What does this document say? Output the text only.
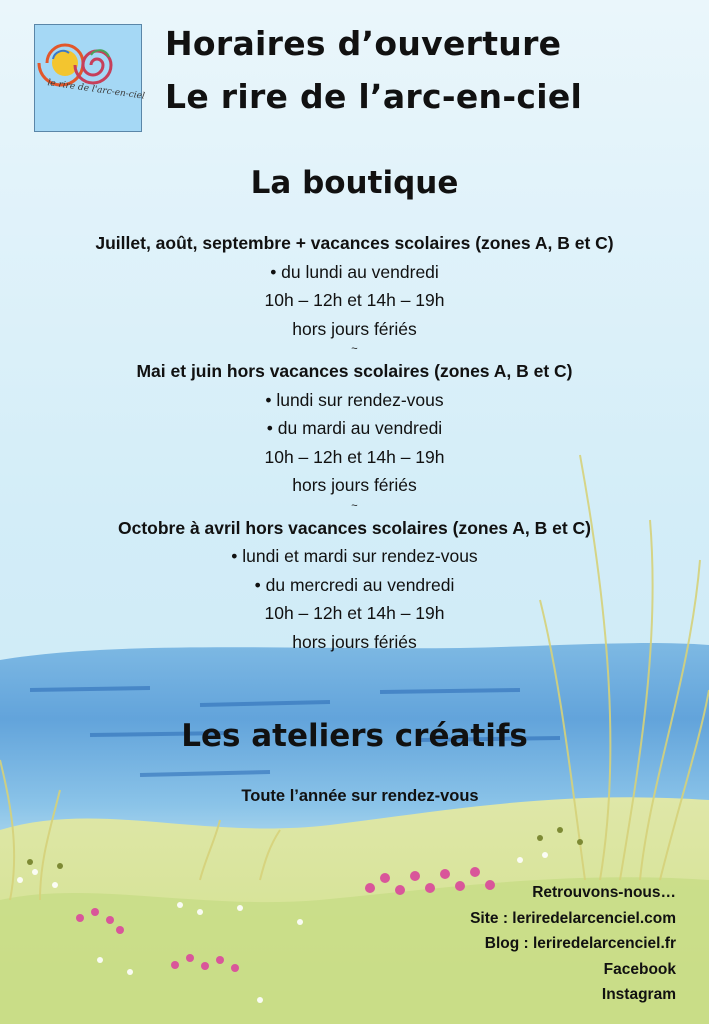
le rire de l'arc-en-ciel
Horaires d’ouverture
Le rire de l’arc-en-ciel
La boutique
Juillet, août, septembre + vacances scolaires (zones A, B et C)
• du lundi au vendredi
10h – 12h et 14h – 19h
hors jours fériés
~
Mai et juin hors vacances scolaires (zones A, B et C)
• lundi sur rendez-vous
• du mardi au vendredi
10h – 12h et 14h – 19h
hors jours fériés
~
Octobre à avril hors vacances scolaires (zones A, B et C)
• lundi et mardi sur rendez-vous
• du mercredi au vendredi
10h – 12h et 14h – 19h
hors jours fériés
Les ateliers créatifs
Toute l’année sur rendez-vous
Retrouvons-nous…
Site : leriredelarcenciel.com
Blog : leriredelarcenciel.fr
Facebook
Instagram
